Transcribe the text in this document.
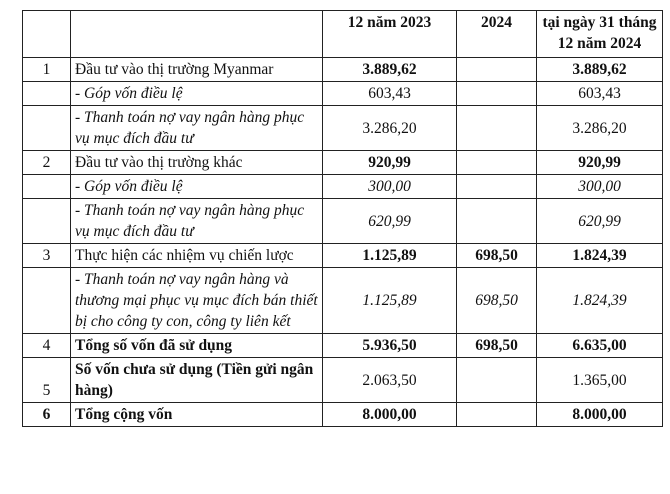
		12 năm 2023	2024	tại ngày 31 tháng 12 năm 2024
1	Đầu tư vào thị trường Myanmar	3.889,62		3.889,62
	- Góp vốn điều lệ	603,43		603,43
	- Thanh toán nợ vay ngân hàng phục vụ mục đích đầu tư	3.286,20		3.286,20
2	Đầu tư vào thị trường khác	920,99		920,99
	- Góp vốn điều lệ	300,00		300,00
	- Thanh toán nợ vay ngân hàng phục vụ mục đích đầu tư	620,99		620,99
3	Thực hiện các nhiệm vụ chiến lược	1.125,89	698,50	1.824,39
	- Thanh toán nợ vay ngân hàng và thương mại phục vụ mục đích bán thiết bị cho công ty con, công ty liên kết	1.125,89	698,50	1.824,39
4	Tổng số vốn đã sử dụng	5.936,50	698,50	6.635,00
5	Số vốn chưa sử dụng (Tiền gửi ngân hàng)	2.063,50		1.365,00
6	Tổng cộng vốn	8.000,00		8.000,00
